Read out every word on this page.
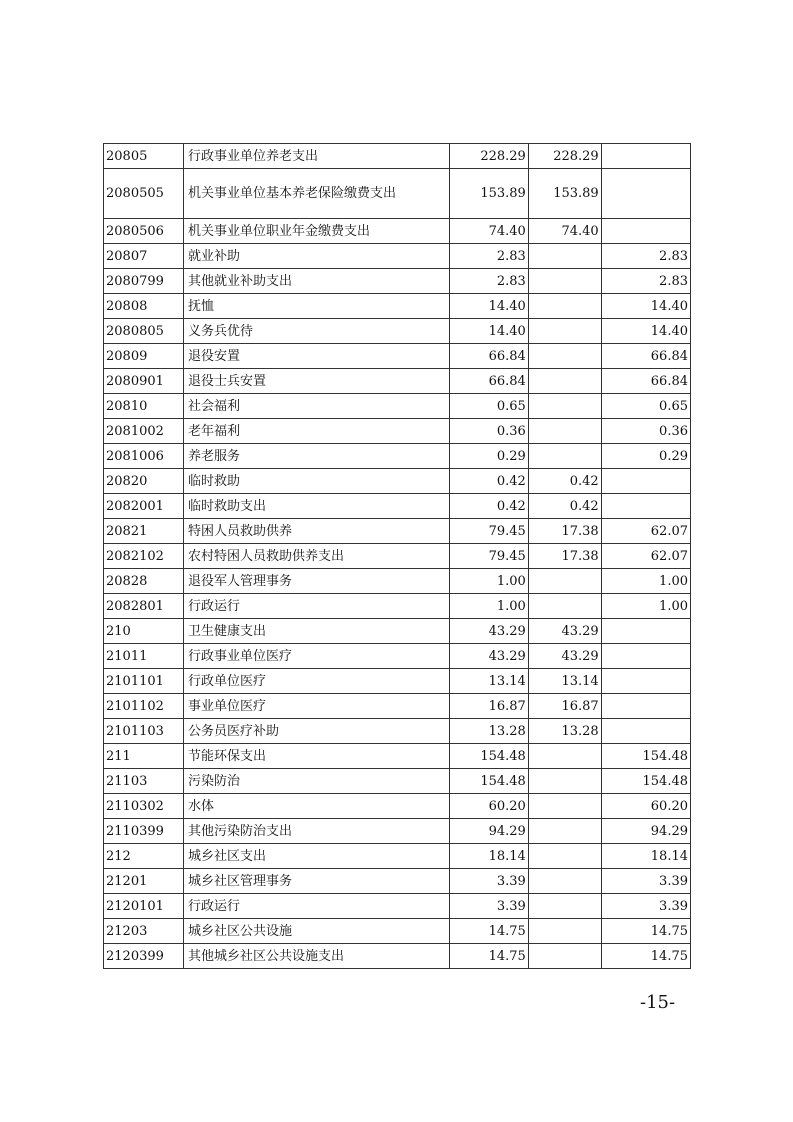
20805	行政事业单位养老支出	228.29	228.29	
2080505	机关事业单位基本养老保险缴费支出	153.89	153.89	
2080506	机关事业单位职业年金缴费支出	74.40	74.40	
20807	就业补助	2.83		2.83
2080799	其他就业补助支出	2.83		2.83
20808	抚恤	14.40		14.40
2080805	义务兵优待	14.40		14.40
20809	退役安置	66.84		66.84
2080901	退役士兵安置	66.84		66.84
20810	社会福利	0.65		0.65
2081002	老年福利	0.36		0.36
2081006	养老服务	0.29		0.29
20820	临时救助	0.42	0.42	
2082001	临时救助支出	0.42	0.42	
20821	特困人员救助供养	79.45	17.38	62.07
2082102	农村特困人员救助供养支出	79.45	17.38	62.07
20828	退役军人管理事务	1.00		1.00
2082801	行政运行	1.00		1.00
210	卫生健康支出	43.29	43.29	
21011	行政事业单位医疗	43.29	43.29	
2101101	行政单位医疗	13.14	13.14	
2101102	事业单位医疗	16.87	16.87	
2101103	公务员医疗补助	13.28	13.28	
211	节能环保支出	154.48		154.48
21103	污染防治	154.48		154.48
2110302	水体	60.20		60.20
2110399	其他污染防治支出	94.29		94.29
212	城乡社区支出	18.14		18.14
21201	城乡社区管理事务	3.39		3.39
2120101	行政运行	3.39		3.39
21203	城乡社区公共设施	14.75		14.75
2120399	其他城乡社区公共设施支出	14.75		14.75
-15-
